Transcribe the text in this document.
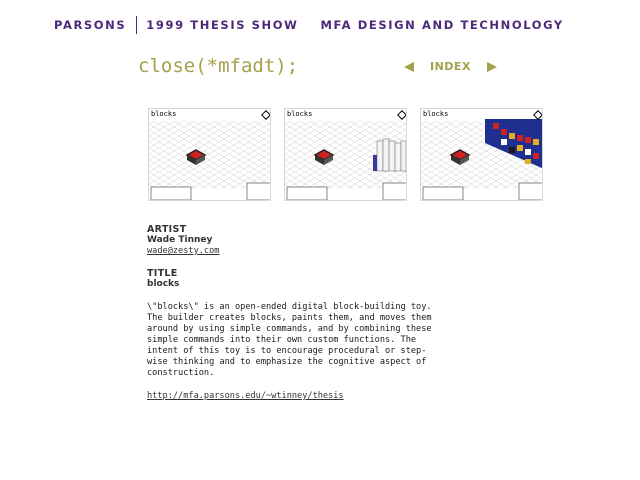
PARSONS 1999 THESIS SHOW MFA DESIGN AND TECHNOLOGY
close(*mfadt);	INDEX
blocks	blocks	blocks
ARTIST
Wade Tinney
wade@zesty.com
TITLE
blocks
\"blocks\" is an open-ended digital block-building toy. The builder creates blocks, paints them, and moves them around by using simple commands, and by combining these simple commands into their own custom functions. The intent of this toy is to encourage procedural or step-wise thinking and to emphasize the cognitive aspect of construction.
http://mfa.parsons.edu/~wtinney/thesis
